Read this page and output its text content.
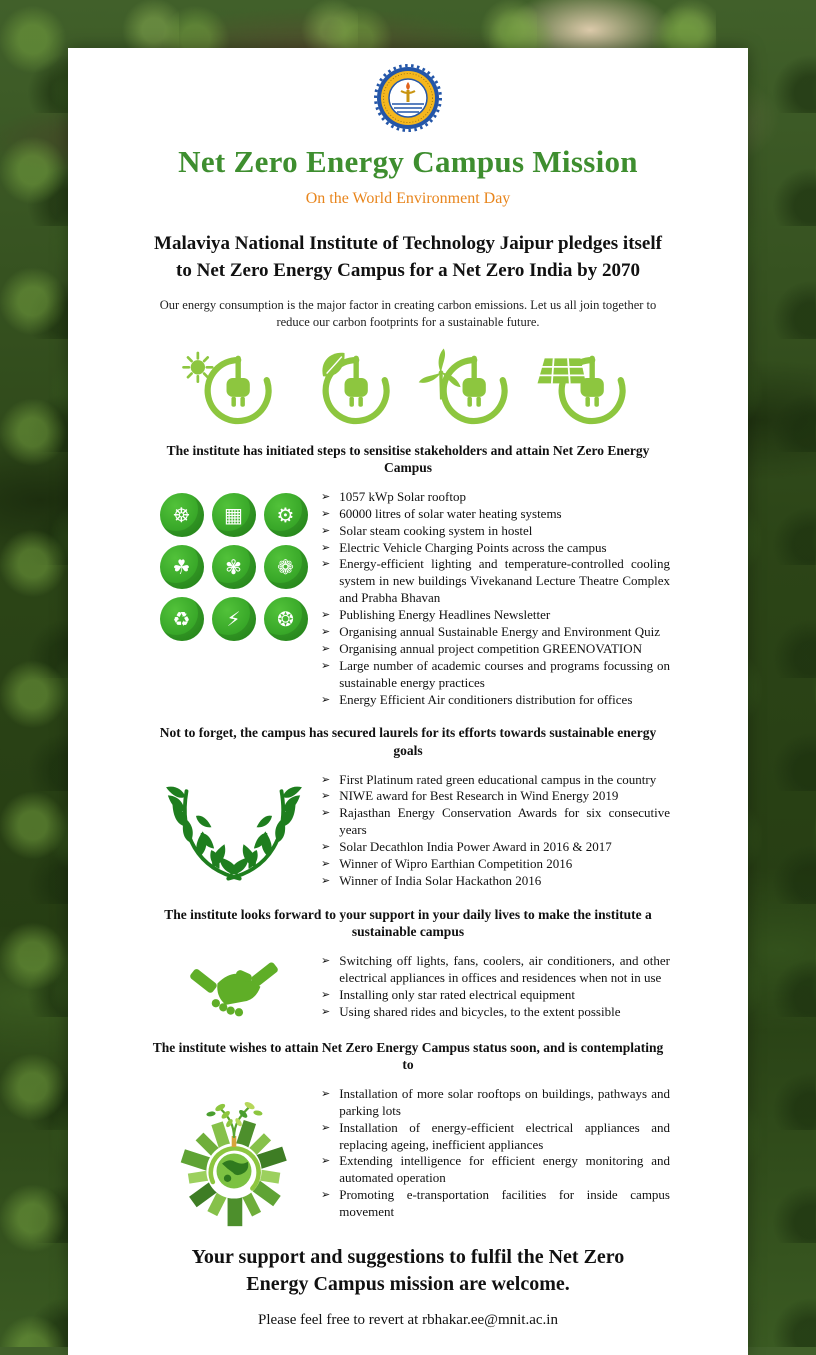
Net Zero Energy Campus Mission
On the World Environment Day
Malaviya National Institute of Technology Jaipur pledges itself to Net Zero Energy Campus for a Net Zero India by 2070
Our energy consumption is the major factor in creating carbon emissions. Let us all join together to reduce our carbon footprints for a sustainable future.
The institute has initiated steps to sensitise stakeholders and attain Net Zero Energy Campus
☸ ▦ ⚙
☘ ✾ ❁
♻ ⚡ ❂
➢ 1057 kWp Solar rooftop
➢ 60000 litres of solar water heating systems
➢ Solar steam cooking system in hostel
➢ Electric Vehicle Charging Points across the campus
➢ Energy-efficient lighting and temperature-controlled cooling system in new buildings Vivekanand Lecture Theatre Complex and Prabha Bhavan
➢ Publishing Energy Headlines Newsletter
➢ Organising annual Sustainable Energy and Environment Quiz
➢ Organising annual project competition GREENOVATION
➢ Large number of academic courses and programs focussing on sustainable energy practices
➢ Energy Efficient Air conditioners distribution for offices
Not to forget, the campus has secured laurels for its efforts towards sustainable energy goals
➢ First Platinum rated green educational campus in the country
➢ NIWE award for Best Research in Wind Energy 2019
➢ Rajasthan Energy Conservation Awards for six consecutive years
➢ Solar Decathlon India Power Award in 2016 & 2017
➢ Winner of Wipro Earthian Competition 2016
➢ Winner of India Solar Hackathon 2016
The institute looks forward to your support in your daily lives to make the institute a sustainable campus
➢ Switching off lights, fans, coolers, air conditioners, and other electrical appliances in offices and residences when not in use
➢ Installing only star rated electrical equipment
➢ Using shared rides and bicycles, to the extent possible
The institute wishes to attain Net Zero Energy Campus status soon, and is contemplating to
➢ Installation of more solar rooftops on buildings, pathways and parking lots
➢ Installation of energy-efficient electrical appliances and replacing ageing, inefficient appliances
➢ Extending intelligence for efficient energy monitoring and automated operation
➢ Promoting e-transportation facilities for inside campus movement
Your support and suggestions to fulfil the Net Zero Energy Campus mission are welcome.
Please feel free to revert at rbhakar.ee@mnit.ac.in
